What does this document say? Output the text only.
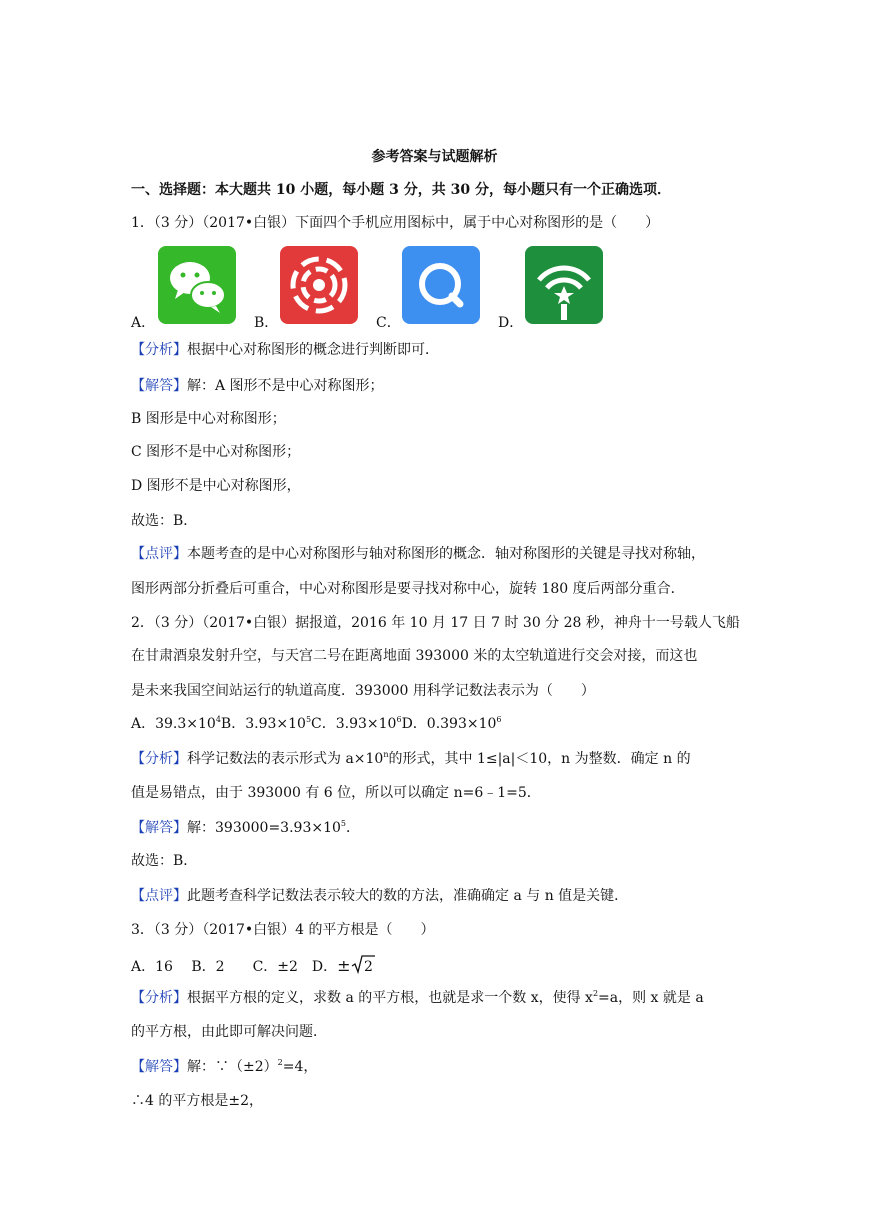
参考答案与试题解析
一、选择题：本大题共 10 小题，每小题 3 分，共 30 分，每小题只有一个正确选项．
1．（3 分）（2017•白银）下面四个手机应用图标中，属于中心对称图形的是（　　）
A．	B．	C．	D．
【分析】根据中心对称图形的概念进行判断即可．
【解答】解：A 图形不是中心对称图形；
B 图形是中心对称图形；
C 图形不是中心对称图形；
D 图形不是中心对称图形，
故选：B．
【点评】本题考查的是中心对称图形与轴对称图形的概念．轴对称图形的关键是寻找对称轴，
图形两部分折叠后可重合，中心对称图形是要寻找对称中心，旋转 180 度后两部分重合．
2．（3 分）（2017•白银）据报道，2016 年 10 月 17 日 7 时 30 分 28 秒，神舟十一号载人飞船
在甘肃酒泉发射升空，与天宫二号在距离地面 393000 米的太空轨道进行交会对接，而这也
是未来我国空间站运行的轨道高度．393000 用科学记数法表示为（　　）
A．$39.3\times 10^4B$．$3.93\times 10^5C$．$3.93\times 10^6D$．$0.393\times 10^6$
【分析】科学记数法的表示形式为 $a\times 10^n$的形式，其中 1≤|a|＜10，n 为整数．确定 n 的
值是易错点，由于 393000 有 6 位，所以可以确定 n=6﹣1=5．
【解答】解：$393000=3.93\times 10^5$．
故选：B．
【点评】此题考查科学记数法表示较大的数的方法，准确确定 a 与 n 值是关键．
3．（3 分）（2017•白银）4 的平方根是（　　）
A．16　 B．2　　C．±2　D．± 2
【分析】根据平方根的定义，求数 a 的平方根，也就是求一个数 x，使得 $x^2=a$，则 x 就是 a
的平方根，由此即可解决问题．
【解答】解：$\because(\pm 2)^2=4$，
∴4 的平方根是±2，
